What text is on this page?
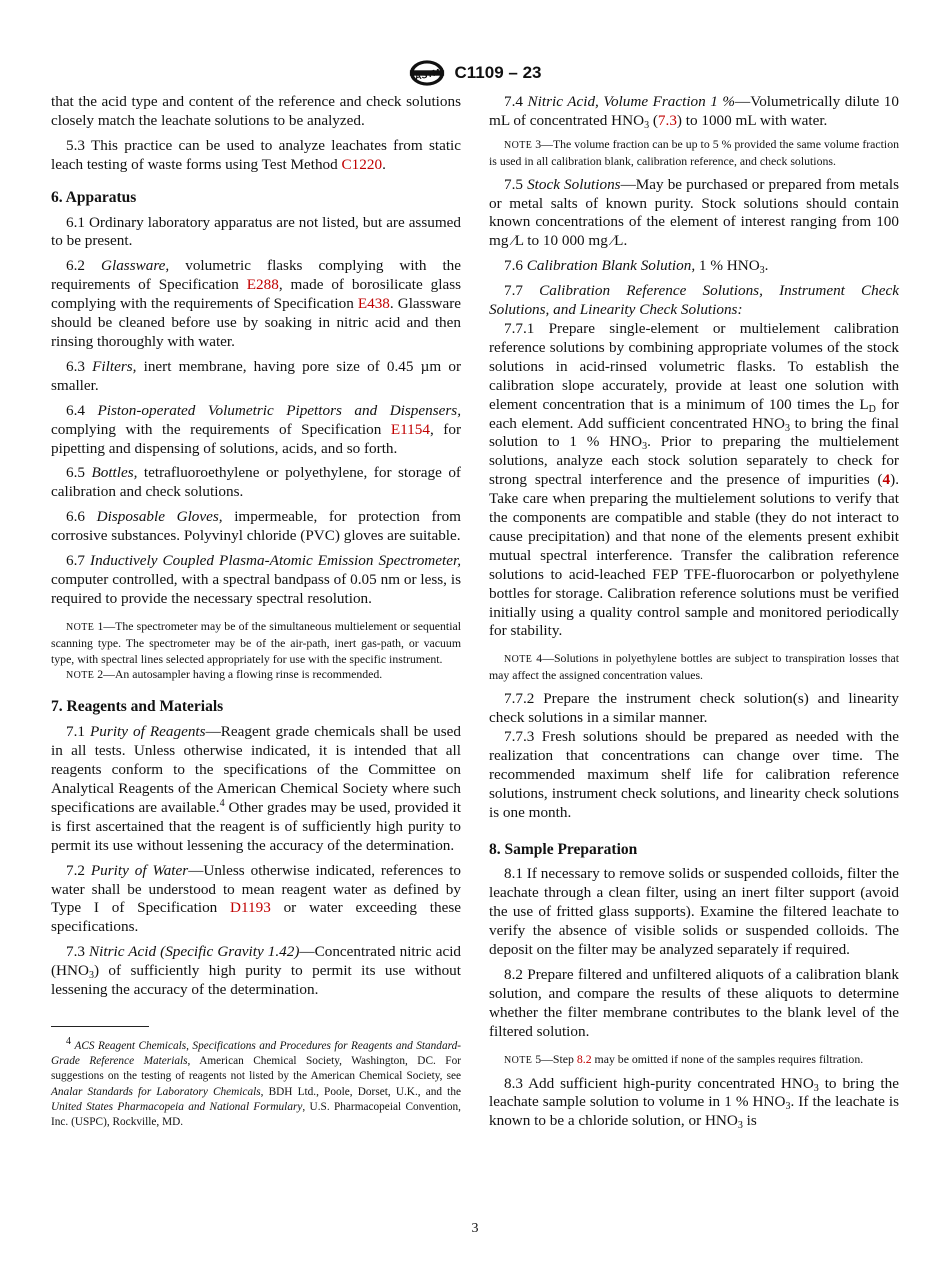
ASTM C1109 – 23

that the acid type and content of the reference and check solutions closely match the leachate solutions to be analyzed.

5.3 This practice can be used to analyze leachates from static leach testing of waste forms using Test Method C1220.

6. Apparatus

6.1 Ordinary laboratory apparatus are not listed, but are assumed to be present.

6.2 Glassware, volumetric flasks complying with the requirements of Specification E288, made of borosilicate glass complying with the requirements of Specification E438. Glassware should be cleaned before use by soaking in nitric acid and then rinsing thoroughly with water.

6.3 Filters, inert membrane, having pore size of 0.45 µm or smaller.

6.4 Piston-operated Volumetric Pipettors and Dispensers, complying with the requirements of Specification E1154, for pipetting and dispensing of solutions, acids, and so forth.

6.5 Bottles, tetrafluoroethylene or polyethylene, for storage of calibration and check solutions.

6.6 Disposable Gloves, impermeable, for protection from corrosive substances. Polyvinyl chloride (PVC) gloves are suitable.

6.7 Inductively Coupled Plasma-Atomic Emission Spectrometer, computer controlled, with a spectral bandpass of 0.05 nm or less, is required to provide the necessary spectral resolution.

NOTE 1—The spectrometer may be of the simultaneous multielement or sequential scanning type. The spectrometer may be of the air-path, inert gas-path, or vacuum type, with spectral lines selected appropriately for use with the specific instrument.
NOTE 2—An autosampler having a flowing rinse is recommended.
7. Reagents and Materials

7.1 Purity of Reagents—Reagent grade chemicals shall be used in all tests. Unless otherwise indicated, it is intended that all reagents conform to the specifications of the Committee on Analytical Reagents of the American Chemical Society where such specifications are available.$^4$ Other grades may be used, provided it is first ascertained that the reagent is of sufficiently high purity to permit its use without lessening the accuracy of the determination.

7.2 Purity of Water—Unless otherwise indicated, references to water shall be understood to mean reagent water as defined by Type I of Specification D1193 or water exceeding these specifications.

7.3 Nitric Acid (Specific Gravity 1.42)—Concentrated nitric acid $(HNO_3)$ of sufficiently high purity to permit its use without lessening the accuracy of the determination.

$^4$ ACS Reagent Chemicals, Specifications and Procedures for Reagents and Standard-Grade Reference Materials, American Chemical Society, Washington, DC. For suggestions on the testing of reagents not listed by the American Chemical Society, see Analar Standards for Laboratory Chemicals, BDH Ltd., Poole, Dorset, U.K., and the United States Pharmacopeia and National Formulary, U.S. Pharmacopeial Convention, Inc. (USPC), Rockville, MD.

7.4 Nitric Acid, Volume Fraction 1 %—Volumetrically dilute 10 mL of concentrated $HNO_3$ (7.3) to 1000 mL with water.

NOTE 3—The volume fraction can be up to 5 % provided the same volume fraction is used in all calibration blank, calibration reference, and check solutions.

7.5 Stock Solutions—May be purchased or prepared from metals or metal salts of known purity. Stock solutions should contain known concentrations of the element of interest ranging from 100 mg ⁄L to 10 000 mg ⁄L.

7.6 Calibration Blank Solution, 1 % $HNO_3$.

7.7 Calibration Reference Solutions, Instrument Check Solutions, and Linearity Check Solutions:

7.7.1 Prepare single-element or multielement calibration reference solutions by combining appropriate volumes of the stock solutions in acid-rinsed volumetric flasks. To establish the calibration slope accurately, provide at least one solution with element concentration that is a minimum of 100 times the $L_D$ for each element. Add sufficient concentrated $HNO_3$ to bring the final solution to 1 % $HNO_3$. Prior to preparing the multielement solutions, analyze each stock solution separately to check for strong spectral interference and the presence of impurities (4). Take care when preparing the multielement solutions to verify that the components are compatible and stable (they do not interact to cause precipitation) and that none of the elements present exhibit mutual spectral interference. Transfer the calibration reference solutions to acid-leached FEP TFE-fluorocarbon or polyethylene bottles for storage. Calibration reference solutions must be verified initially using a quality control sample and monitored periodically for stability.

NOTE 4—Solutions in polyethylene bottles are subject to transpiration losses that may affect the assigned concentration values.

7.7.2 Prepare the instrument check solution(s) and linearity check solutions in a similar manner.

7.7.3 Fresh solutions should be prepared as needed with the realization that concentrations can change over time. The recommended maximum shelf life for calibration reference solutions, instrument check solutions, and linearity check solutions is one month.

8. Sample Preparation

8.1 If necessary to remove solids or suspended colloids, filter the leachate through a clean filter, using an inert filter support (avoid the use of fritted glass supports). Examine the filtered leachate to verify the absence of visible solids or suspended colloids. The deposit on the filter may be analyzed separately if required.

8.2 Prepare filtered and unfiltered aliquots of a calibration blank solution, and compare the results of these aliquots to determine whether the filter membrane contributes to the blank level of the filtered solution.

NOTE 5—Step 8.2 may be omitted if none of the samples requires filtration.

8.3 Add sufficient high-purity concentrated $HNO_3$ to bring the leachate sample solution to volume in 1 % $HNO_3$. If the leachate is known to be a chloride solution, or $HNO_3$ is

3
